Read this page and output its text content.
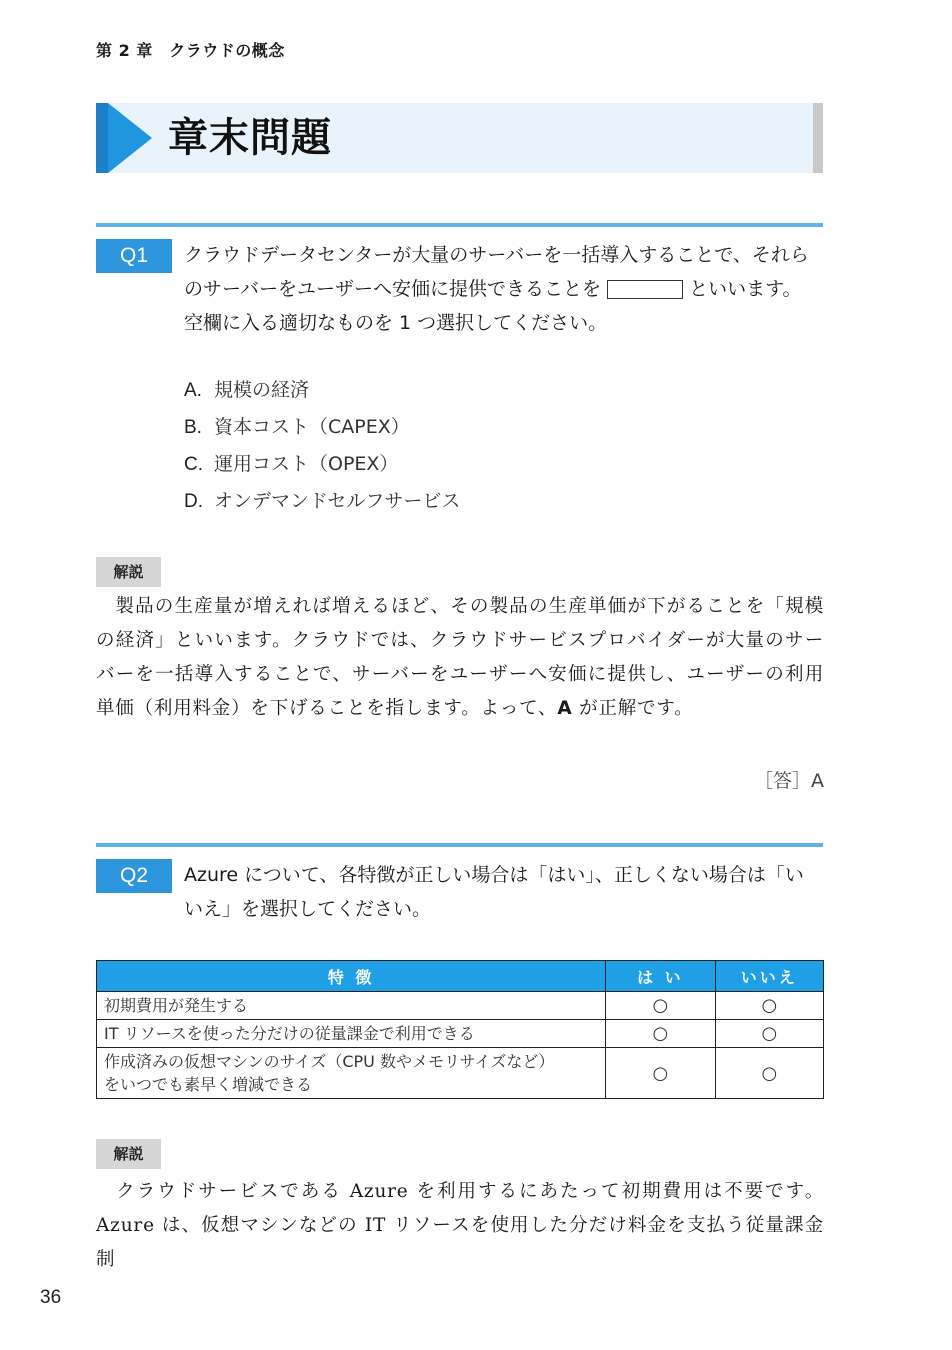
第 2 章　クラウドの概念
章末問題
Q1	クラウドデータセンターが大量のサーバーを一括導入することで、それら
のサーバーをユーザーへ安価に提供できることを	といいます。
空欄に入る適切なものを 1 つ選択してください。
A. 規模の経済
B. 資本コスト（CAPEX）
C. 運用コスト（OPEX）
D. オンデマンドセルフサービス
解説
製品の生産量が増えれば増えるほど、その製品の生産単価が下がることを「規模の経済」といいます。クラウドでは、クラウドサービスプロバイダーが大量のサーバーを一括導入することで、サーバーをユーザーへ安価に提供し、ユーザーの利用単価（利用料金）を下げることを指します。よって、A が正解です。
［答］A
Q2	Azure について、各特徴が正しい場合は「はい」、正しくない場合は「い
いえ」を選択してください。
特 徴	は い	いいえ
初期費用が発生する	○	○
IT リソースを使った分だけの従量課金で利用できる	○	○

作成済みの仮想マシンのサイズ（CPU 数やメモリサイズなど）
をいつでも素早く増減できる	○	○
解説
クラウドサービスである Azure を利用するにあたって初期費用は不要です。Azure は、仮想マシンなどの IT リソースを使用した分だけ料金を支払う従量課金制
36
